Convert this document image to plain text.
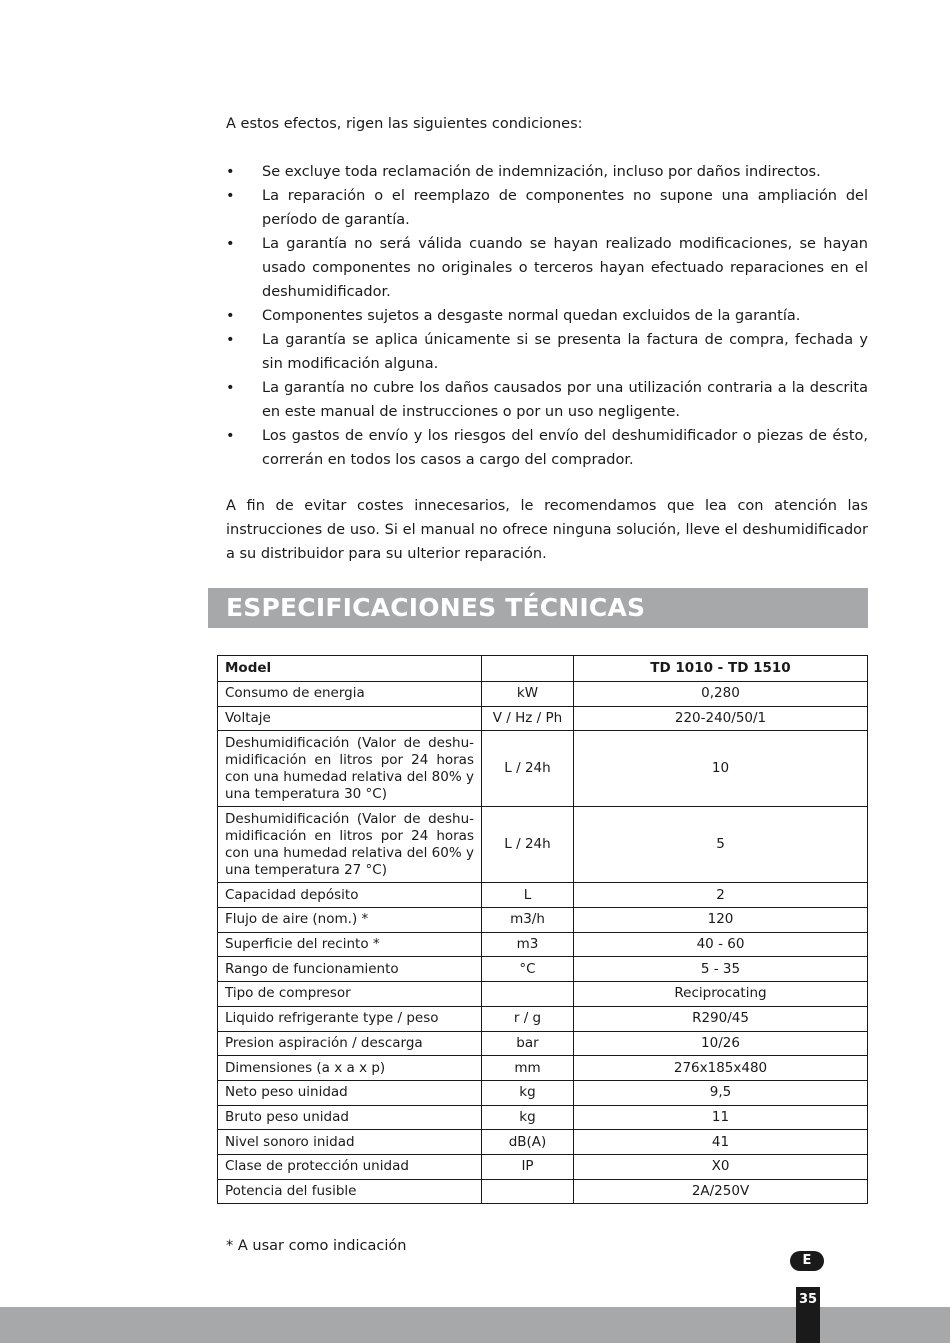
A estos efectos, rigen las siguientes condiciones:

• Se excluye toda reclamación de indemnización, incluso por daños indirectos.
• La reparación o el reemplazo de componentes no supone una ampliación del período de garantía.
• La garantía no será válida cuando se hayan realizado modificaciones, se hayan usado componentes no originales o terceros hayan efectuado reparaciones en el deshumidificador.
• Componentes sujetos a desgaste normal quedan excluidos de la garantía.
• La garantía se aplica únicamente si se presenta la factura de compra, fechada y sin modificación alguna.
• La garantía no cubre los daños causados por una utilización contraria a la descrita en este manual de instrucciones o por un uso negligente.
• Los gastos de envío y los riesgos del envío del deshumidificador o piezas de ésto, correrán en todos los casos a cargo del comprador.

A fin de evitar costes innecesarios, le recomendamos que lea con atención las instrucciones de uso. Si el manual no ofrece ninguna solución, lleve el deshumidificador a su distribuidor para su ulterior reparación.

ESPECIFICACIONES TÉCNICAS
Model		TD 1010 - TD 1510
Consumo de energia	kW	0,280
Voltaje	V / Hz / Ph	220-240/50/1
Deshumidificación (Valor de deshu-midificación en litros por 24 horas con una humedad relativa del 80% y una temperatura 30 °C)	L / 24h	10
Deshumidificación (Valor de deshu-midificación en litros por 24 horas con una humedad relativa del 60% y una temperatura 27 °C)	L / 24h	5
Capacidad depósito	L	2
Flujo de aire (nom.) *	m3/h	120
Superficie del recinto *	m3	40 - 60
Rango de funcionamiento	°C	5 - 35
Tipo de compresor		Reciprocating
Liquido refrigerante type / peso	r / g	R290/45
Presion aspiración / descarga	bar	10/26
Dimensiones (a x a x p)	mm	276x185x480
Neto peso uinidad	kg	9,5
Bruto peso unidad	kg	11
Nivel sonoro inidad	dB(A)	41
Clase de protección unidad	IP	X0
Potencia del fusible		2A/250V

* A usar como indicación

E
35
